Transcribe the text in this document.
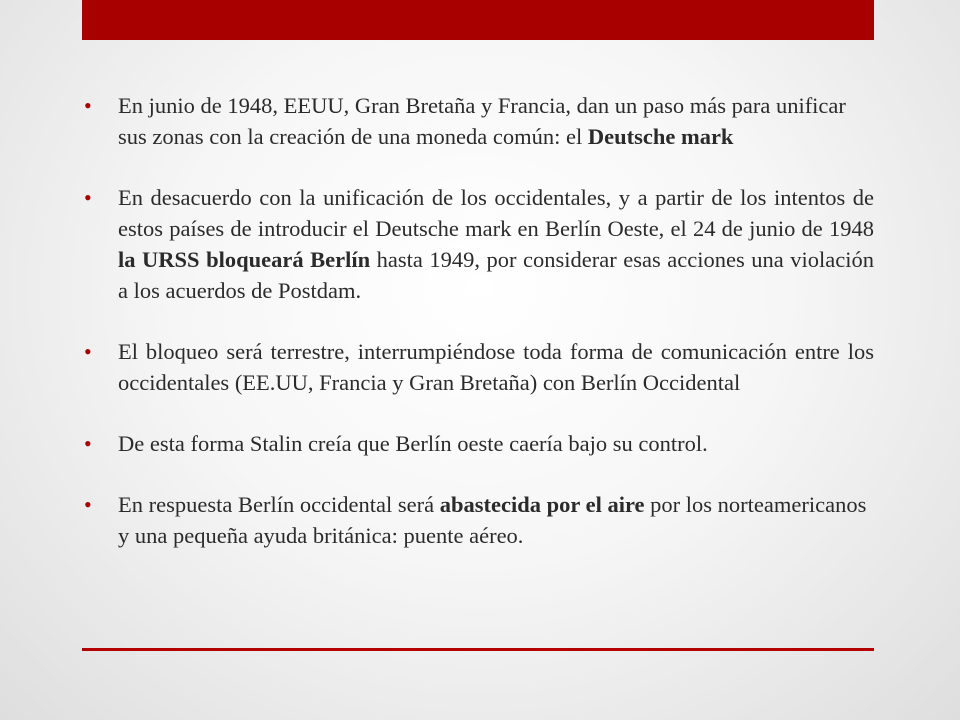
• En junio de 1948, EEUU, Gran Bretaña y Francia, dan un paso más para unificar sus zonas con la creación de una moneda común: el Deutsche mark
• En desacuerdo con la unificación de los occidentales, y a partir de los intentos de estos países de introducir el Deutsche mark en Berlín Oeste, el 24 de junio de 1948 la URSS bloqueará Berlín hasta 1949, por considerar esas acciones una violación a los acuerdos de Postdam.
• El bloqueo será terrestre, interrumpiéndose toda forma de comunicación entre los occidentales (EE.UU, Francia y Gran Bretaña) con Berlín Occidental
• De esta forma Stalin creía que Berlín oeste caería bajo su control.
• En respuesta Berlín occidental será abastecida por el aire por los norteamericanos y una pequeña ayuda británica: puente aéreo.
